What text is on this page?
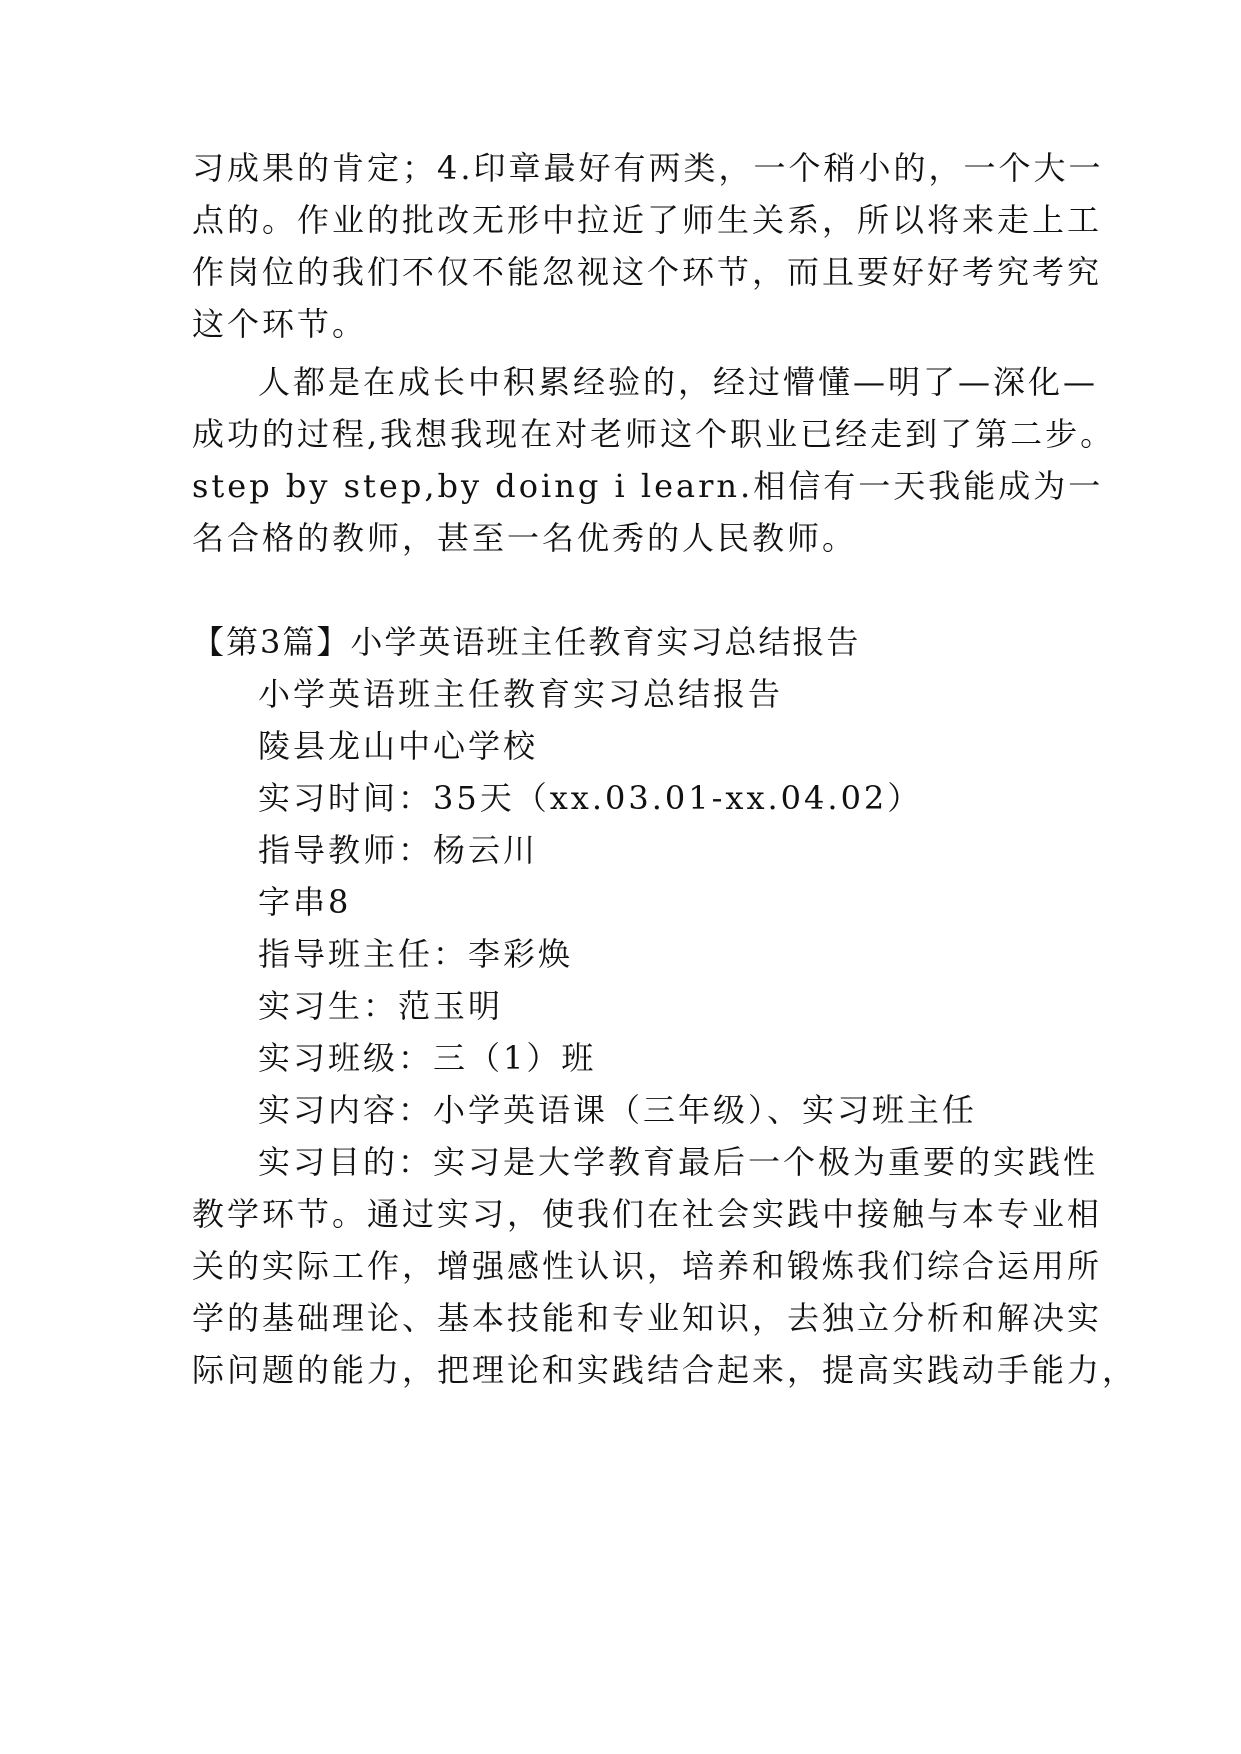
习成果的肯定；4.印章最好有两类，一个稍小的，一个大一
点的。作业的批改无形中拉近了师生关系，所以将来走上工
作岗位的我们不仅不能忽视这个环节，而且要好好考究考究
这个环节。
人都是在成长中积累经验的，经过懵懂—明了—深化—
成功的过程,我想我现在对老师这个职业已经走到了第二步。
step by step,by doing i learn.相信有一天我能成为一
名合格的教师，甚至一名优秀的人民教师。
【第3篇】小学英语班主任教育实习总结报告
小学英语班主任教育实习总结报告
陵县龙山中心学校
实习时间：35天（xx.03.01-xx.04.02）
指导教师：杨云川
字串8
指导班主任：李彩焕
实习生：范玉明
实习班级：三（1）班
实习内容：小学英语课（三年级）、实习班主任
实习目的：实习是大学教育最后一个极为重要的实践性
教学环节。通过实习，使我们在社会实践中接触与本专业相
关的实际工作，增强感性认识，培养和锻炼我们综合运用所
学的基础理论、基本技能和专业知识，去独立分析和解决实
际问题的能力，把理论和实践结合起来，提高实践动手能力，
